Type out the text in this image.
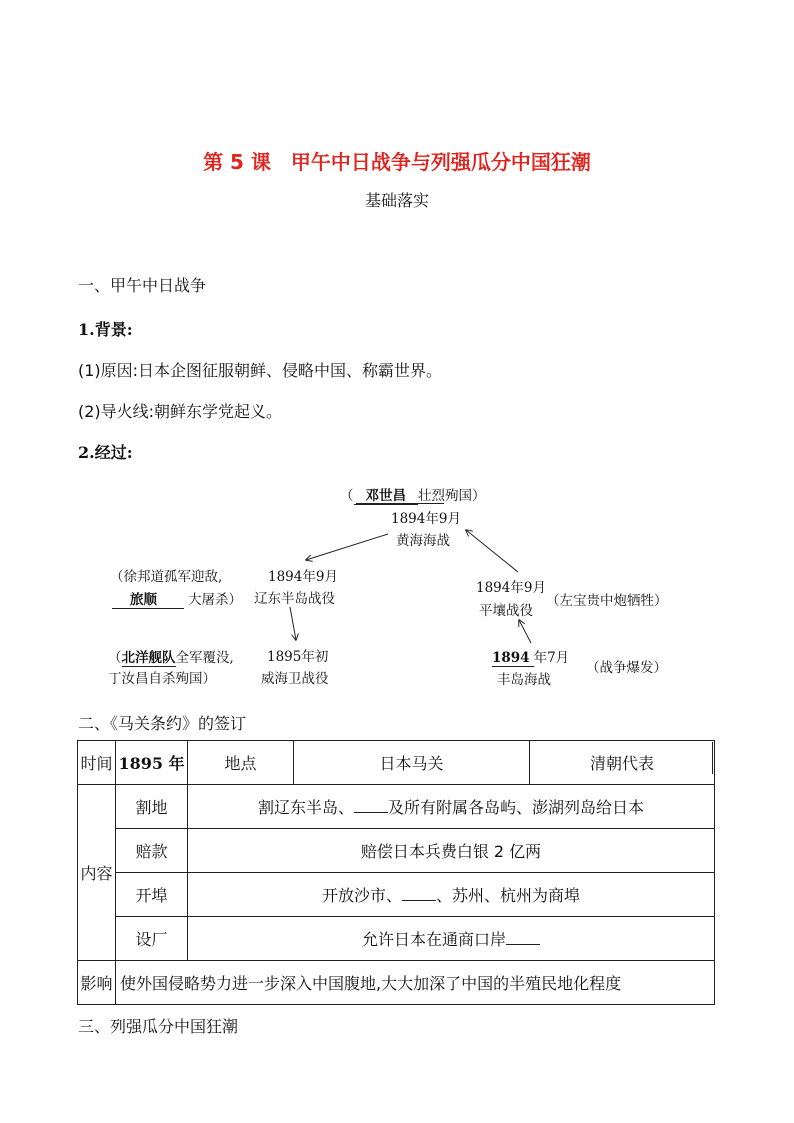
第 5 课　甲午中日战争与列强瓜分中国狂潮
基础落实
一、甲午中日战争
1.背景:
(1)原因:日本企图征服朝鲜、侵略中国、称霸世界。
(2)导火线:朝鲜东学党起义。
2.经过:
（ 邓世昌 壮烈殉国）
1894年9月
黄海海战
（徐邦道孤军迎敌,
旅顺 大屠杀）
1894年9月
辽东半岛战役
1894年9月
平壤战役
（左宝贵中炮牺牲）
（北洋舰队全军覆没,
丁汝昌自杀殉国）
1895年初
威海卫战役
1894 年7月
丰岛海战
（战争爆发）
二、《马关条约》的签订
时间	1895 年	地点	日本马关	清朝代表
内容	割地	割辽东半岛、 及所有附属各岛屿、澎湖列岛给日本		
	赔款	赔偿日本兵费白银 2 亿两		
	开埠	开放沙市、 、苏州、杭州为商埠		
	设厂	允许日本在通商口岸		
影响	使外国侵略势力进一步深入中国腹地,大大加深了中国的半殖民地化程度			
三、列强瓜分中国狂潮
